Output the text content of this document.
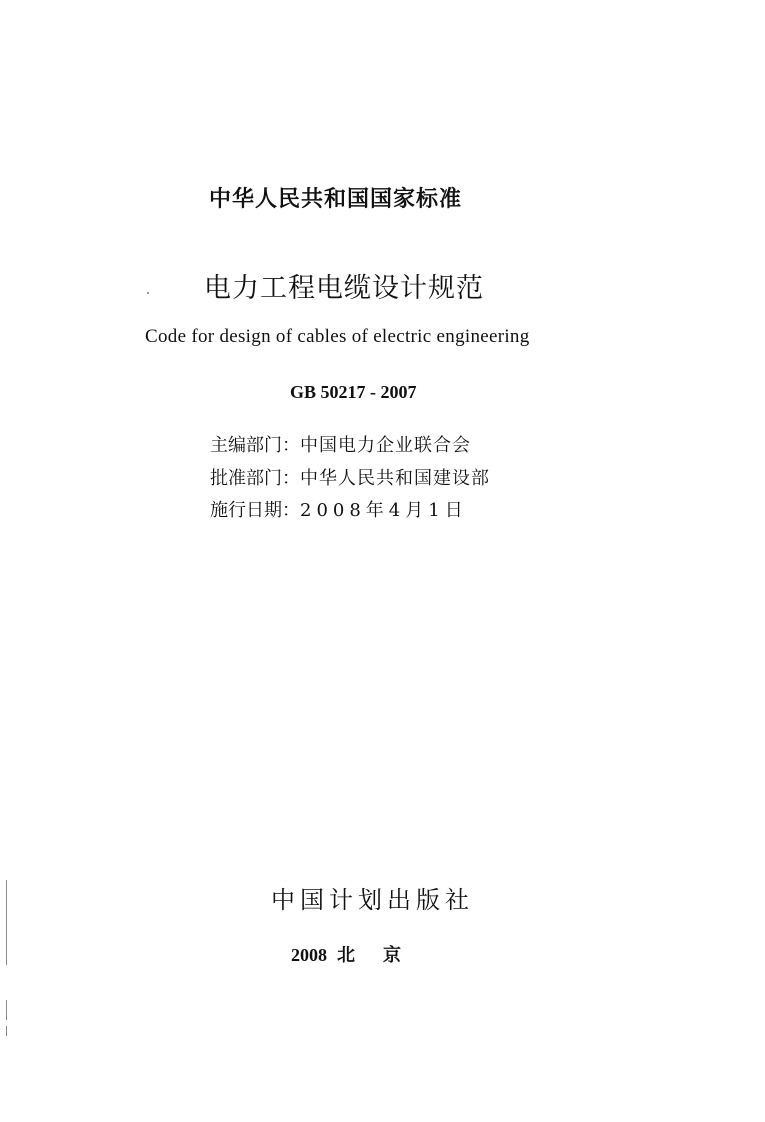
中华人民共和国国家标准
电力工程电缆设计规范
Code for design of cables of electric engineering
GB 50217 - 2007
主编部门：中国电力企业联合会
批准部门：中华人民共和国建设部
施行日期：2008年4月1日
中国计划出版社
2008 北京
